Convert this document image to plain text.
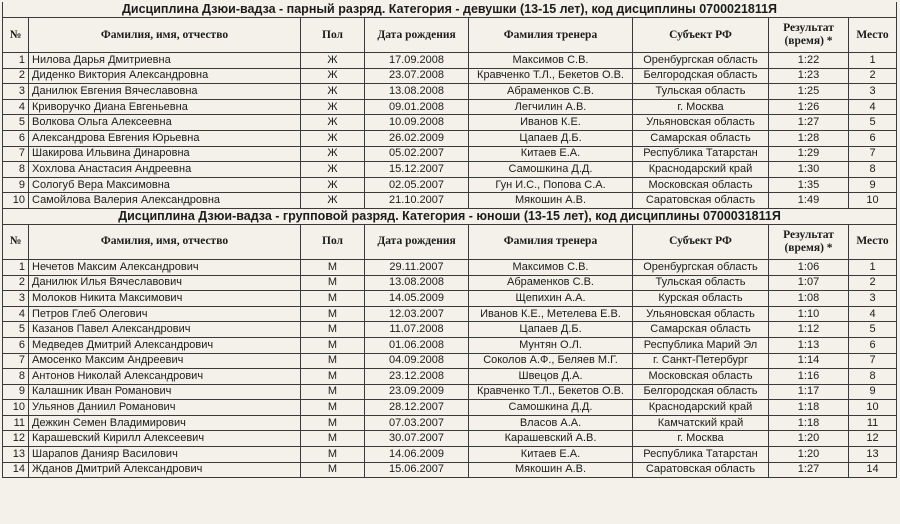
Дисциплина Дзюи-вадза - парный разряд. Категория - девушки (13-15 лет), код дисциплины 0700021811Я							
№	Фамилия, имя, отчество	Пол	Дата рождения	Фамилия тренера	Субъект РФ	Результат (время) *	Место
1	Нилова Дарья Дмитриевна	Ж	17.09.2008	Максимов С.В.	Оренбургская область	1:22	1
2	Диденко Виктория Александровна	Ж	23.07.2008	Кравченко Т.Л., Бекетов О.В.	Белгородская область	1:23	2
3	Данилюк Евгения Вячеславовна	Ж	13.08.2008	Абраменков С.В.	Тульская область	1:25	3
4	Криворучко Диана Евгеньевна	Ж	09.01.2008	Легчилин А.В.	г. Москва	1:26	4
5	Волкова Ольга Алексеевна	Ж	10.09.2008	Иванов К.Е.	Ульяновская область	1:27	5
6	Александрова Евгения Юрьевна	Ж	26.02.2009	Цапаев Д.Б.	Самарская область	1:28	6
7	Шакирова Ильвина Динаровна	Ж	05.02.2007	Китаев Е.А.	Республика Татарстан	1:29	7
8	Хохлова Анастасия Андреевна	Ж	15.12.2007	Самошкина Д.Д.	Краснодарский край	1:30	8
9	Сологуб Вера Максимовна	Ж	02.05.2007	Гун И.С., Попова С.А.	Московская область	1:35	9
10	Самойлова Валерия Александровна	Ж	21.10.2007	Мякошин А.В.	Саратовская область	1:49	10
Дисциплина Дзюи-вадза - групповой разряд. Категория - юноши (13-15 лет), код дисциплины 0700031811Я							
№	Фамилия, имя, отчество	Пол	Дата рождения	Фамилия тренера	Субъект РФ	Результат (время) *	Место
1	Нечетов Максим Александрович	М	29.11.2007	Максимов С.В.	Оренбургская область	1:06	1
2	Данилюк Илья Вячеславович	М	13.08.2008	Абраменков С.В.	Тульская область	1:07	2
3	Молоков Никита Максимович	М	14.05.2009	Щепихин А.А.	Курская область	1:08	3
4	Петров Глеб Олегович	М	12.03.2007	Иванов К.Е., Метелева Е.В.	Ульяновская область	1:10	4
5	Казанов Павел Александрович	М	11.07.2008	Цапаев Д.Б.	Самарская область	1:12	5
6	Медведев Дмитрий Александрович	М	01.06.2008	Мунтян О.Л.	Республика Марий Эл	1:13	6
7	Амосенко Максим Андреевич	М	04.09.2008	Соколов А.Ф., Беляев М.Г.	г. Санкт-Петербург	1:14	7
8	Антонов Николай Александрович	М	23.12.2008	Швецов Д.А.	Московская область	1:16	8
9	Калашник Иван Романович	М	23.09.2009	Кравченко Т.Л., Бекетов О.В.	Белгородская область	1:17	9
10	Ульянов Даниил Романович	М	28.12.2007	Самошкина Д.Д.	Краснодарский край	1:18	10
11	Дежкин Семен Владимирович	М	07.03.2007	Власов А.А.	Камчатский край	1:18	11
12	Карашевский Кирилл Алексеевич	М	30.07.2007	Карашевский А.В.	г. Москва	1:20	12
13	Шарапов Данияр Василович	М	14.06.2009	Китаев Е.А.	Республика Татарстан	1:20	13
14	Жданов Дмитрий Александрович	М	15.06.2007	Мякошин А.В.	Саратовская область	1:27	14
